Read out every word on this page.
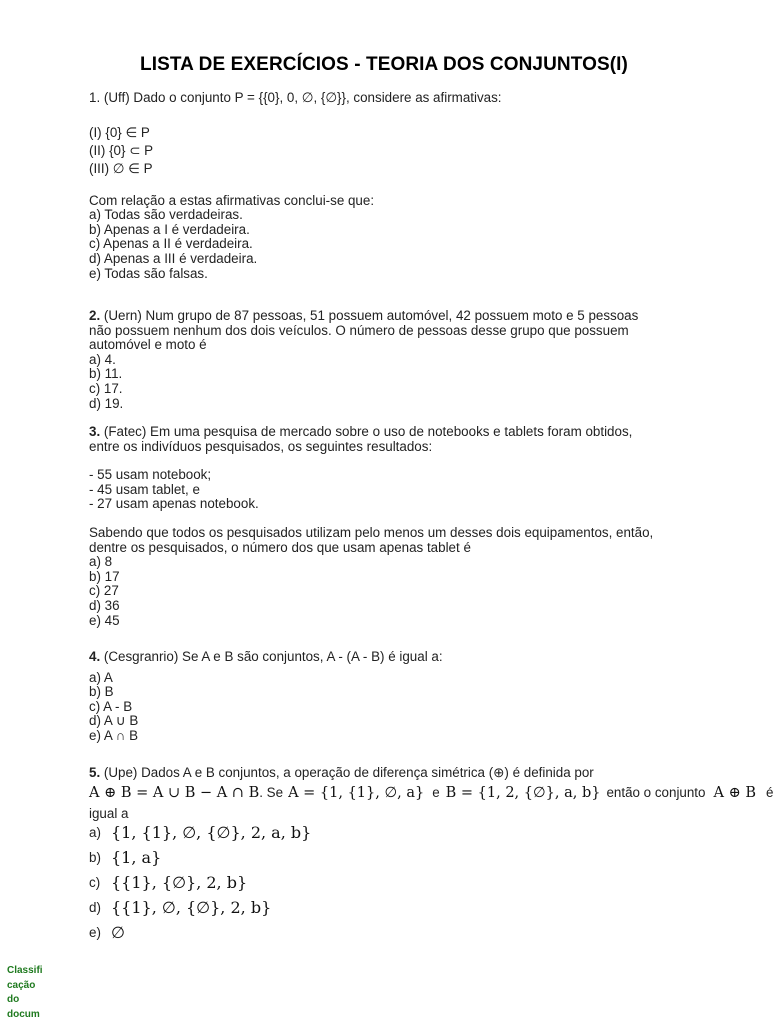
LISTA DE EXERCÍCIOS - TEORIA DOS CONJUNTOS(I)
1. (Uff) Dado o conjunto P = {{0}, 0, ∅, {∅}}, considere as afirmativas:
(I) {0} ∈ P
(II) {0} ⊂ P
(III) ∅ ∈ P
Com relação a estas afirmativas conclui-se que:
a) Todas são verdadeiras.
b) Apenas a I é verdadeira.
c) Apenas a II é verdadeira.
d) Apenas a III é verdadeira.
e) Todas são falsas.
2. (Uern) Num grupo de 87 pessoas, 51 possuem automóvel, 42 possuem moto e 5 pessoas
não possuem nenhum dos dois veículos. O número de pessoas desse grupo que possuem
automóvel e moto é
a) 4.
b) 11.
c) 17.
d) 19.
3. (Fatec) Em uma pesquisa de mercado sobre o uso de notebooks e tablets foram obtidos,
entre os indivíduos pesquisados, os seguintes resultados:
- 55 usam notebook;
- 45 usam tablet, e
- 27 usam apenas notebook.
Sabendo que todos os pesquisados utilizam pelo menos um desses dois equipamentos, então,
dentre os pesquisados, o número dos que usam apenas tablet é
a) 8
b) 17
c) 27
d) 36
e) 45
4. (Cesgranrio) Se A e B são conjuntos, A - (A - B) é igual a:
a) A
b) B
c) A - B
d) A ∪ B
e) A ∩ B
5. (Upe) Dados A e B conjuntos, a operação de diferença simétrica (⊕) é definida por
A ⊕ B = A ∪ B − A ∩ B . Se A = {1, {1}, ∅, a} e B = {1, 2, {∅}, a, b} então o conjunto A ⊕ B é
igual a
a) {1, {1}, ∅, {∅}, 2, a, b}
b) {1, a}
c) {{1}, {∅}, 2, b}
d) {{1}, ∅, {∅}, 2, b}
e) ∅
Classifi
cação
do
docum
